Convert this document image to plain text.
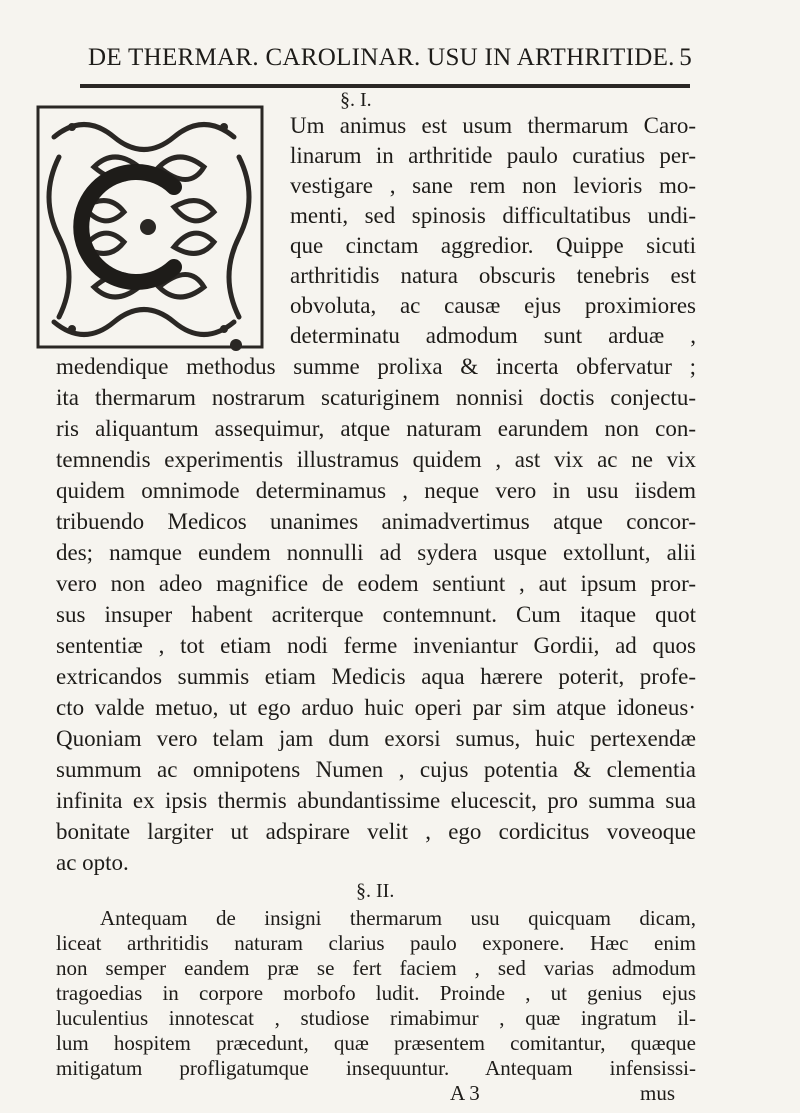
DE THERMAR. CAROLINAR. USU IN ARTHRITIDE. 5
§. I.
Um animus est usum thermarum Caro-
linarum in arthritide paulo curatius per-
vestigare , sane rem non levioris mo-
menti, sed spinosis difficultatibus undi-
que cinctam aggredior. Quippe sicuti
arthritidis natura obscuris tenebris est
obvoluta, ac causæ ejus proximiores
determinatu admodum sunt arduæ ,
medendique methodus summe prolixa & incerta obfervatur ;
ita thermarum nostrarum scaturiginem nonnisi doctis conjectu-
ris aliquantum assequimur, atque naturam earundem non con-
temnendis experimentis illustramus quidem , ast vix ac ne vix
quidem omnimode determinamus , neque vero in usu iisdem
tribuendo Medicos unanimes animadvertimus atque concor-
des; namque eundem nonnulli ad sydera usque extollunt, alii
vero non adeo magnifice de eodem sentiunt , aut ipsum pror-
sus insuper habent acriterque contemnunt. Cum itaque quot
sententiæ , tot etiam nodi ferme inveniantur Gordii, ad quos
extricandos summis etiam Medicis aqua hærere poterit, profe-
cto valde metuo, ut ego arduo huic operi par sim atque idoneus·
Quoniam vero telam jam dum exorsi sumus, huic pertexendæ
summum ac omnipotens Numen , cujus potentia & clementia
infinita ex ipsis thermis abundantissime elucescit, pro summa sua
bonitate largiter ut adspirare velit , ego cordicitus voveoque
ac opto.
§. II.
Antequam de insigni thermarum usu quicquam dicam,
liceat arthritidis naturam clarius paulo exponere. Hæc enim
non semper eandem præ se fert faciem , sed varias admodum
tragoedias in corpore morbofo ludit. Proinde , ut genius ejus
luculentius innotescat , studiose rimabimur , quæ ingratum il-
lum hospitem præcedunt, quæ præsentem comitantur, quæque
mitigatum profligatumque insequuntur. Antequam infensissi-
A 3	mus
